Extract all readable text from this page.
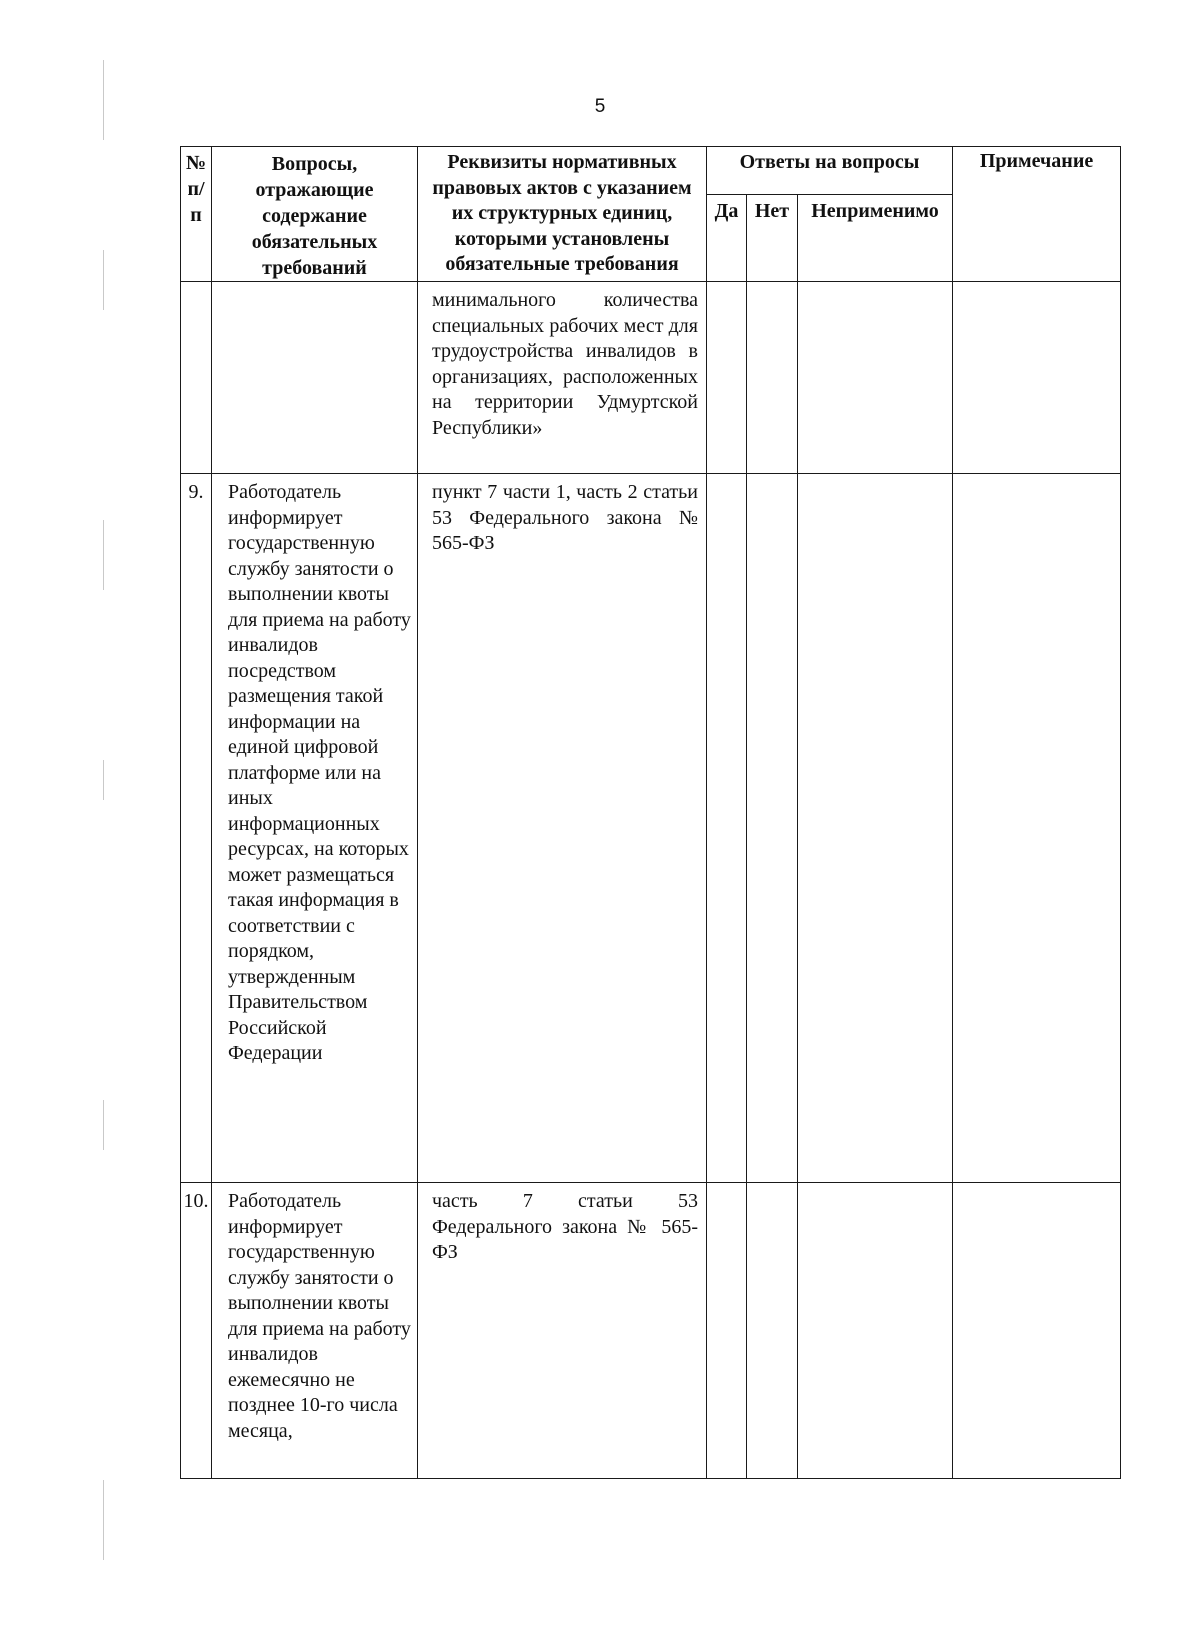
5
№ п/п	Вопросы, отражающие содержание обязательных требований	Реквизиты нормативных правовых актов с указанием их структурных единиц, которыми установлены обязательные требования	Ответы на вопросы			Примечание
			Да	Нет	Неприменимо	
		минимального количества специальных рабочих мест для трудоустройства инвалидов в организациях, расположенных на территории Удмуртской Республики»				
9.	Работодатель информирует государственную службу занятости о выполнении квоты для приема на работу инвалидов посредством размещения такой информации на единой цифровой платформе или на иных информационных ресурсах, на которых может размещаться такая информация в соответствии с порядком, утвержденным Правительством Российской Федерации	пункт 7 части 1, часть 2 статьи 53 Федерального закона № 565-ФЗ				
10.	Работодатель информирует государственную службу занятости о выполнении квоты для приема на работу инвалидов ежемесячно не позднее 10-го числа месяца,	часть 7 статьи 53 Федерального закона № 565-ФЗ				
